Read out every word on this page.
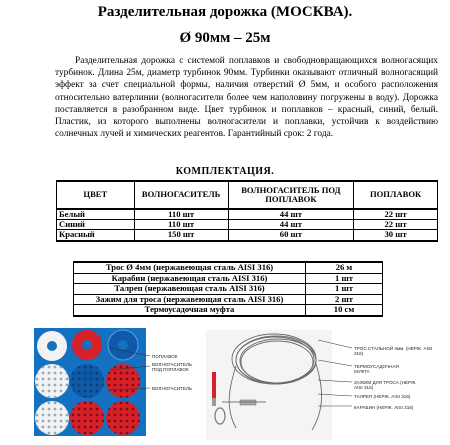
Разделительная дорожка (МОСКВА).
Ø 90мм – 25м
Разделительная дорожка с системой поплавков и свободновращающихся волногасящих турбинок. Длина 25м, диаметр турбинок 90мм. Турбинки оказывают отличный волногасящий эффект за счет специальной формы, наличия отверстий Ø 5мм, и особого расположения относительно ватерлинии (волногасители более чем наполовину погружены в воду). Дорожка поставляется в разобранном виде. Цвет турбинок и поплавков – красный, синий, белый. Пластик, из которого выполнены волногасители и поплавки, устойчив к воздействию солнечных лучей и химических реагентов. Гарантийный срок: 2 года.
КОМПЛЕКТАЦИЯ.
ЦВЕТ	ВОЛНОГАСИТЕЛЬ	ВОЛНОГАСИТЕЛЬ ПОД ПОПЛАВОК	ПОПЛАВОК
Белый	110 шт	44 шт	22 шт
Синий	110 шт	44 шт	22 шт
Красный	150 шт	60 шт	30 шт
Трос Ø 4мм (нержавеющая сталь AISI 316)	26 м
Карабин (нержавеющая сталь AISI 316)	1 шт
Талреп (нержавеющая сталь AISI 316)	1 шт
Зажим для троса (нержавеющая сталь AISI 316)	2 шт
Термоусадочная муфта	10 см
ПОПЛАВОК
ВОЛНОГАСИТЕЛЬ ПОД ПОПЛАВОК
ВОЛНОГАСИТЕЛЬ
ТРОС СТАЛЬНОЙ 4мм. (НЕРЖ. AISI 316)
ТЕРМОУСАДОЧНАЯ МУФТА
ЗАЖИМ ДЛЯ ТРОСА (НЕРЖ. AISI 316)
ТАЛРЕП (НЕРЖ. AISI 316)
КАРАБИН (НЕРЖ. AISI 316)
